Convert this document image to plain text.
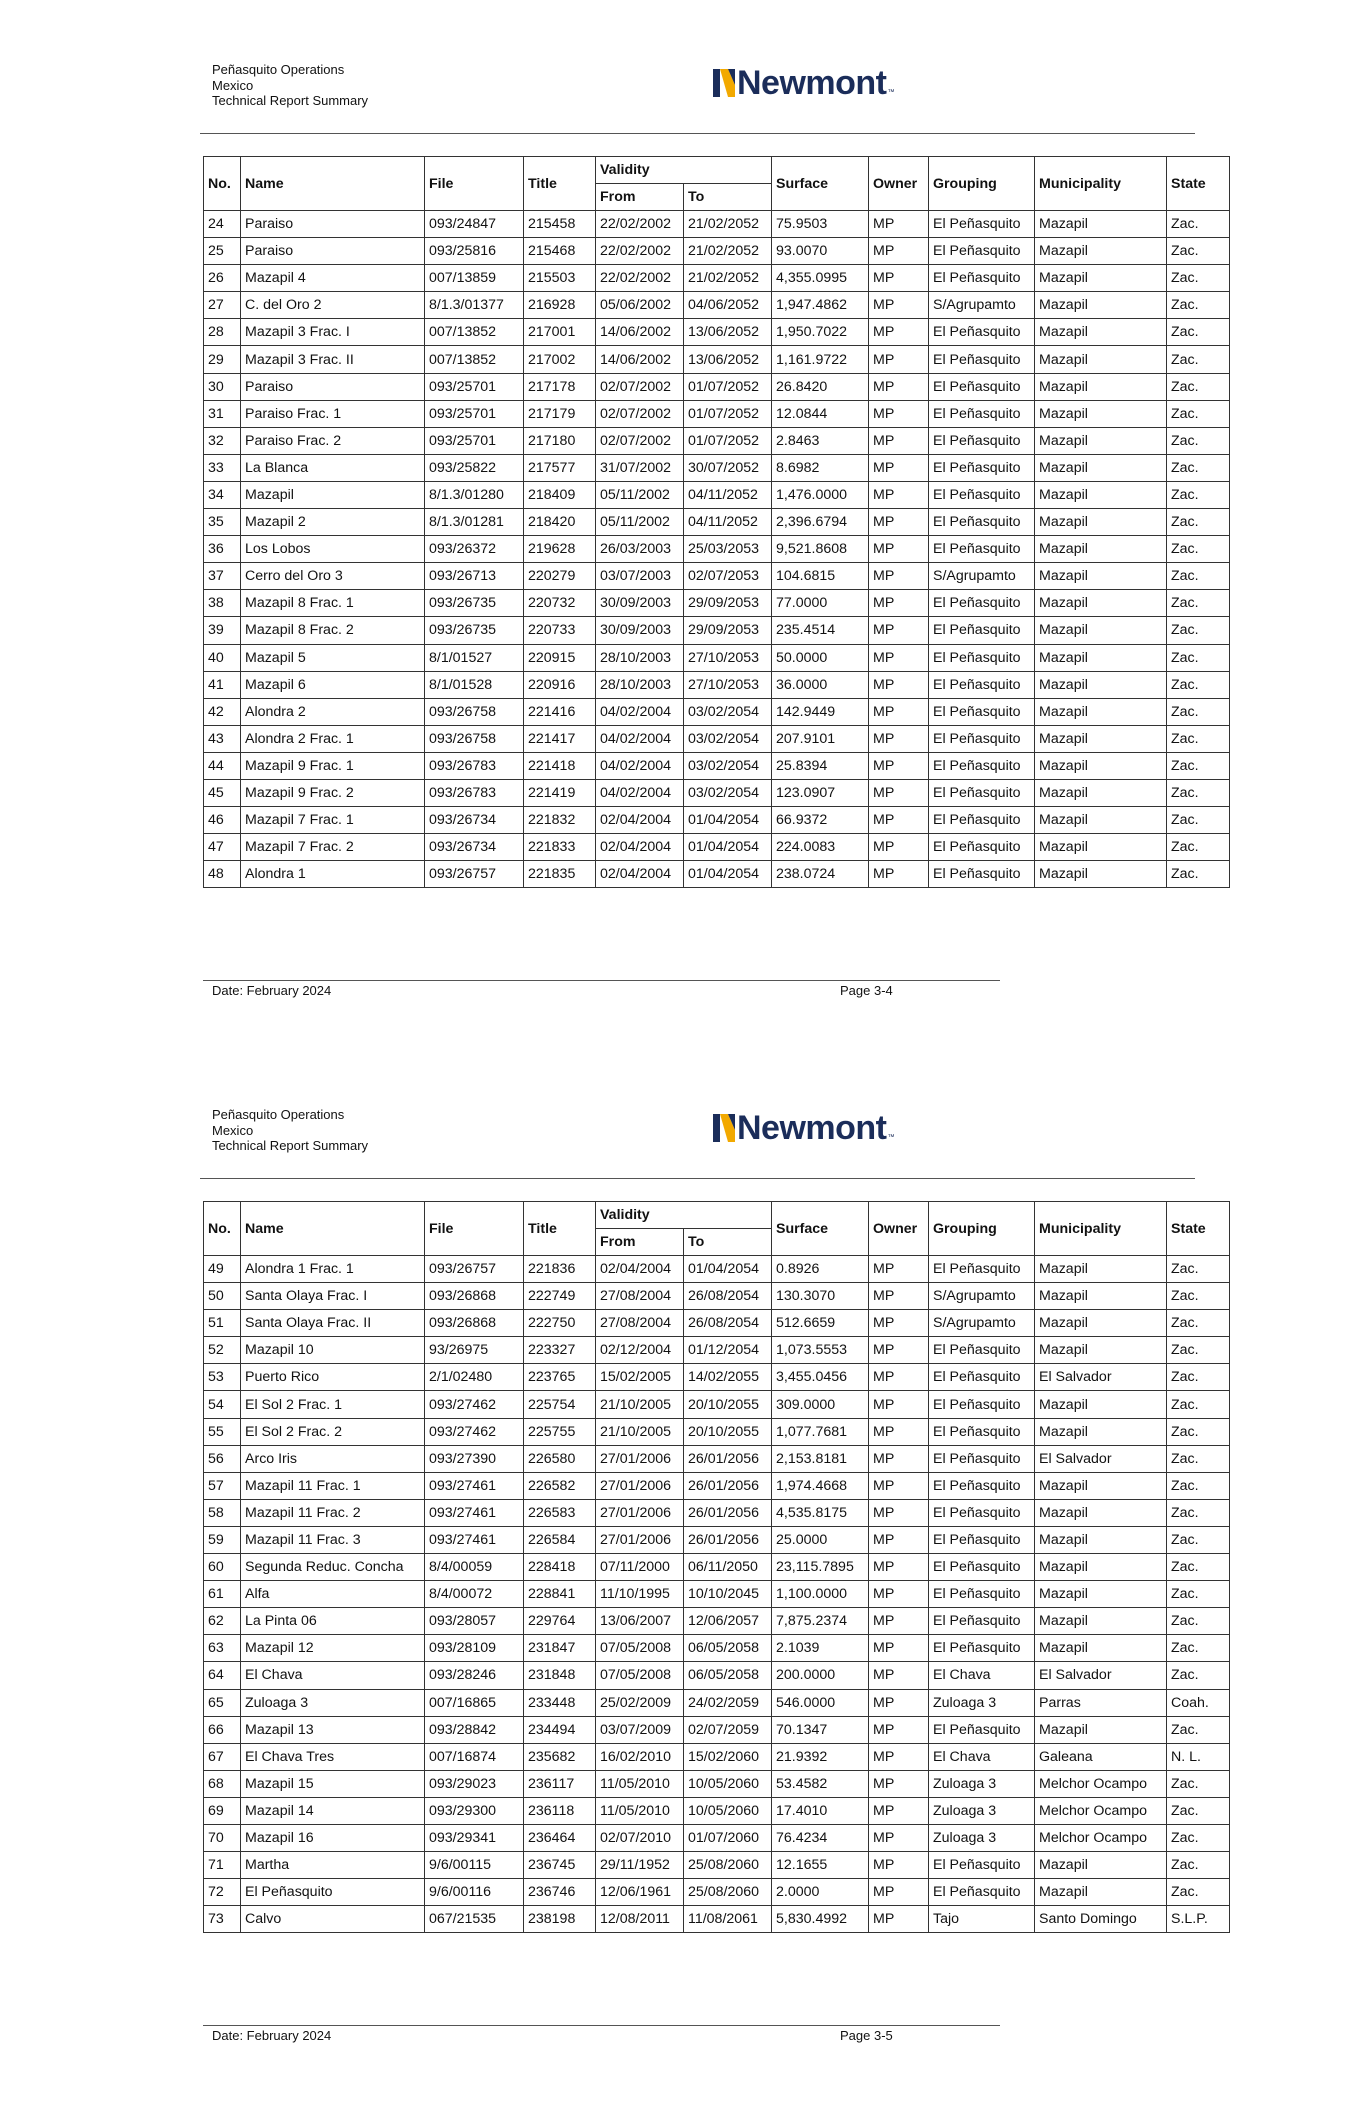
Peñasquito Operations
Mexico
Technical Report Summary	Newmont ™
No.	Name	File	Title	Validity		Surface	Owner	Grouping	Municipality	State
				From	To					
24	Paraiso	093/24847	215458	22/02/2002	21/02/2052	75.9503	MP	El Peñasquito	Mazapil	Zac.
25	Paraiso	093/25816	215468	22/02/2002	21/02/2052	93.0070	MP	El Peñasquito	Mazapil	Zac.
26	Mazapil 4	007/13859	215503	22/02/2002	21/02/2052	4,355.0995	MP	El Peñasquito	Mazapil	Zac.
27	C. del Oro 2	8/1.3/01377	216928	05/06/2002	04/06/2052	1,947.4862	MP	S/Agrupamto	Mazapil	Zac.
28	Mazapil 3 Frac. I	007/13852	217001	14/06/2002	13/06/2052	1,950.7022	MP	El Peñasquito	Mazapil	Zac.
29	Mazapil 3 Frac. II	007/13852	217002	14/06/2002	13/06/2052	1,161.9722	MP	El Peñasquito	Mazapil	Zac.
30	Paraiso	093/25701	217178	02/07/2002	01/07/2052	26.8420	MP	El Peñasquito	Mazapil	Zac.
31	Paraiso Frac. 1	093/25701	217179	02/07/2002	01/07/2052	12.0844	MP	El Peñasquito	Mazapil	Zac.
32	Paraiso Frac. 2	093/25701	217180	02/07/2002	01/07/2052	2.8463	MP	El Peñasquito	Mazapil	Zac.
33	La Blanca	093/25822	217577	31/07/2002	30/07/2052	8.6982	MP	El Peñasquito	Mazapil	Zac.
34	Mazapil	8/1.3/01280	218409	05/11/2002	04/11/2052	1,476.0000	MP	El Peñasquito	Mazapil	Zac.
35	Mazapil 2	8/1.3/01281	218420	05/11/2002	04/11/2052	2,396.6794	MP	El Peñasquito	Mazapil	Zac.
36	Los Lobos	093/26372	219628	26/03/2003	25/03/2053	9,521.8608	MP	El Peñasquito	Mazapil	Zac.
37	Cerro del Oro 3	093/26713	220279	03/07/2003	02/07/2053	104.6815	MP	S/Agrupamto	Mazapil	Zac.
38	Mazapil 8 Frac. 1	093/26735	220732	30/09/2003	29/09/2053	77.0000	MP	El Peñasquito	Mazapil	Zac.
39	Mazapil 8 Frac. 2	093/26735	220733	30/09/2003	29/09/2053	235.4514	MP	El Peñasquito	Mazapil	Zac.
40	Mazapil 5	8/1/01527	220915	28/10/2003	27/10/2053	50.0000	MP	El Peñasquito	Mazapil	Zac.
41	Mazapil 6	8/1/01528	220916	28/10/2003	27/10/2053	36.0000	MP	El Peñasquito	Mazapil	Zac.
42	Alondra 2	093/26758	221416	04/02/2004	03/02/2054	142.9449	MP	El Peñasquito	Mazapil	Zac.
43	Alondra 2 Frac. 1	093/26758	221417	04/02/2004	03/02/2054	207.9101	MP	El Peñasquito	Mazapil	Zac.
44	Mazapil 9 Frac. 1	093/26783	221418	04/02/2004	03/02/2054	25.8394	MP	El Peñasquito	Mazapil	Zac.
45	Mazapil 9 Frac. 2	093/26783	221419	04/02/2004	03/02/2054	123.0907	MP	El Peñasquito	Mazapil	Zac.
46	Mazapil 7 Frac. 1	093/26734	221832	02/04/2004	01/04/2054	66.9372	MP	El Peñasquito	Mazapil	Zac.
47	Mazapil 7 Frac. 2	093/26734	221833	02/04/2004	01/04/2054	224.0083	MP	El Peñasquito	Mazapil	Zac.
48	Alondra 1	093/26757	221835	02/04/2004	01/04/2054	238.0724	MP	El Peñasquito	Mazapil	Zac.
Date: February 2024	Page 3-4
Peñasquito Operations
Mexico
Technical Report Summary	Newmont ™
No.	Name	File	Title	Validity		Surface	Owner	Grouping	Municipality	State
				From	To					
49	Alondra 1 Frac. 1	093/26757	221836	02/04/2004	01/04/2054	0.8926	MP	El Peñasquito	Mazapil	Zac.
50	Santa Olaya Frac. I	093/26868	222749	27/08/2004	26/08/2054	130.3070	MP	S/Agrupamto	Mazapil	Zac.
51	Santa Olaya Frac. II	093/26868	222750	27/08/2004	26/08/2054	512.6659	MP	S/Agrupamto	Mazapil	Zac.
52	Mazapil 10	93/26975	223327	02/12/2004	01/12/2054	1,073.5553	MP	El Peñasquito	Mazapil	Zac.
53	Puerto Rico	2/1/02480	223765	15/02/2005	14/02/2055	3,455.0456	MP	El Peñasquito	El Salvador	Zac.
54	El Sol 2 Frac. 1	093/27462	225754	21/10/2005	20/10/2055	309.0000	MP	El Peñasquito	Mazapil	Zac.
55	El Sol 2 Frac. 2	093/27462	225755	21/10/2005	20/10/2055	1,077.7681	MP	El Peñasquito	Mazapil	Zac.
56	Arco Iris	093/27390	226580	27/01/2006	26/01/2056	2,153.8181	MP	El Peñasquito	El Salvador	Zac.
57	Mazapil 11 Frac. 1	093/27461	226582	27/01/2006	26/01/2056	1,974.4668	MP	El Peñasquito	Mazapil	Zac.
58	Mazapil 11 Frac. 2	093/27461	226583	27/01/2006	26/01/2056	4,535.8175	MP	El Peñasquito	Mazapil	Zac.
59	Mazapil 11 Frac. 3	093/27461	226584	27/01/2006	26/01/2056	25.0000	MP	El Peñasquito	Mazapil	Zac.
60	Segunda Reduc. Concha	8/4/00059	228418	07/11/2000	06/11/2050	23,115.7895	MP	El Peñasquito	Mazapil	Zac.
61	Alfa	8/4/00072	228841	11/10/1995	10/10/2045	1,100.0000	MP	El Peñasquito	Mazapil	Zac.
62	La Pinta 06	093/28057	229764	13/06/2007	12/06/2057	7,875.2374	MP	El Peñasquito	Mazapil	Zac.
63	Mazapil 12	093/28109	231847	07/05/2008	06/05/2058	2.1039	MP	El Peñasquito	Mazapil	Zac.
64	El Chava	093/28246	231848	07/05/2008	06/05/2058	200.0000	MP	El Chava	El Salvador	Zac.
65	Zuloaga 3	007/16865	233448	25/02/2009	24/02/2059	546.0000	MP	Zuloaga 3	Parras	Coah.
66	Mazapil 13	093/28842	234494	03/07/2009	02/07/2059	70.1347	MP	El Peñasquito	Mazapil	Zac.
67	El Chava Tres	007/16874	235682	16/02/2010	15/02/2060	21.9392	MP	El Chava	Galeana	N. L.
68	Mazapil 15	093/29023	236117	11/05/2010	10/05/2060	53.4582	MP	Zuloaga 3	Melchor Ocampo	Zac.
69	Mazapil 14	093/29300	236118	11/05/2010	10/05/2060	17.4010	MP	Zuloaga 3	Melchor Ocampo	Zac.
70	Mazapil 16	093/29341	236464	02/07/2010	01/07/2060	76.4234	MP	Zuloaga 3	Melchor Ocampo	Zac.
71	Martha	9/6/00115	236745	29/11/1952	25/08/2060	12.1655	MP	El Peñasquito	Mazapil	Zac.
72	El Peñasquito	9/6/00116	236746	12/06/1961	25/08/2060	2.0000	MP	El Peñasquito	Mazapil	Zac.
73	Calvo	067/21535	238198	12/08/2011	11/08/2061	5,830.4992	MP	Tajo	Santo Domingo	S.L.P.
Date: February 2024	Page 3-5
